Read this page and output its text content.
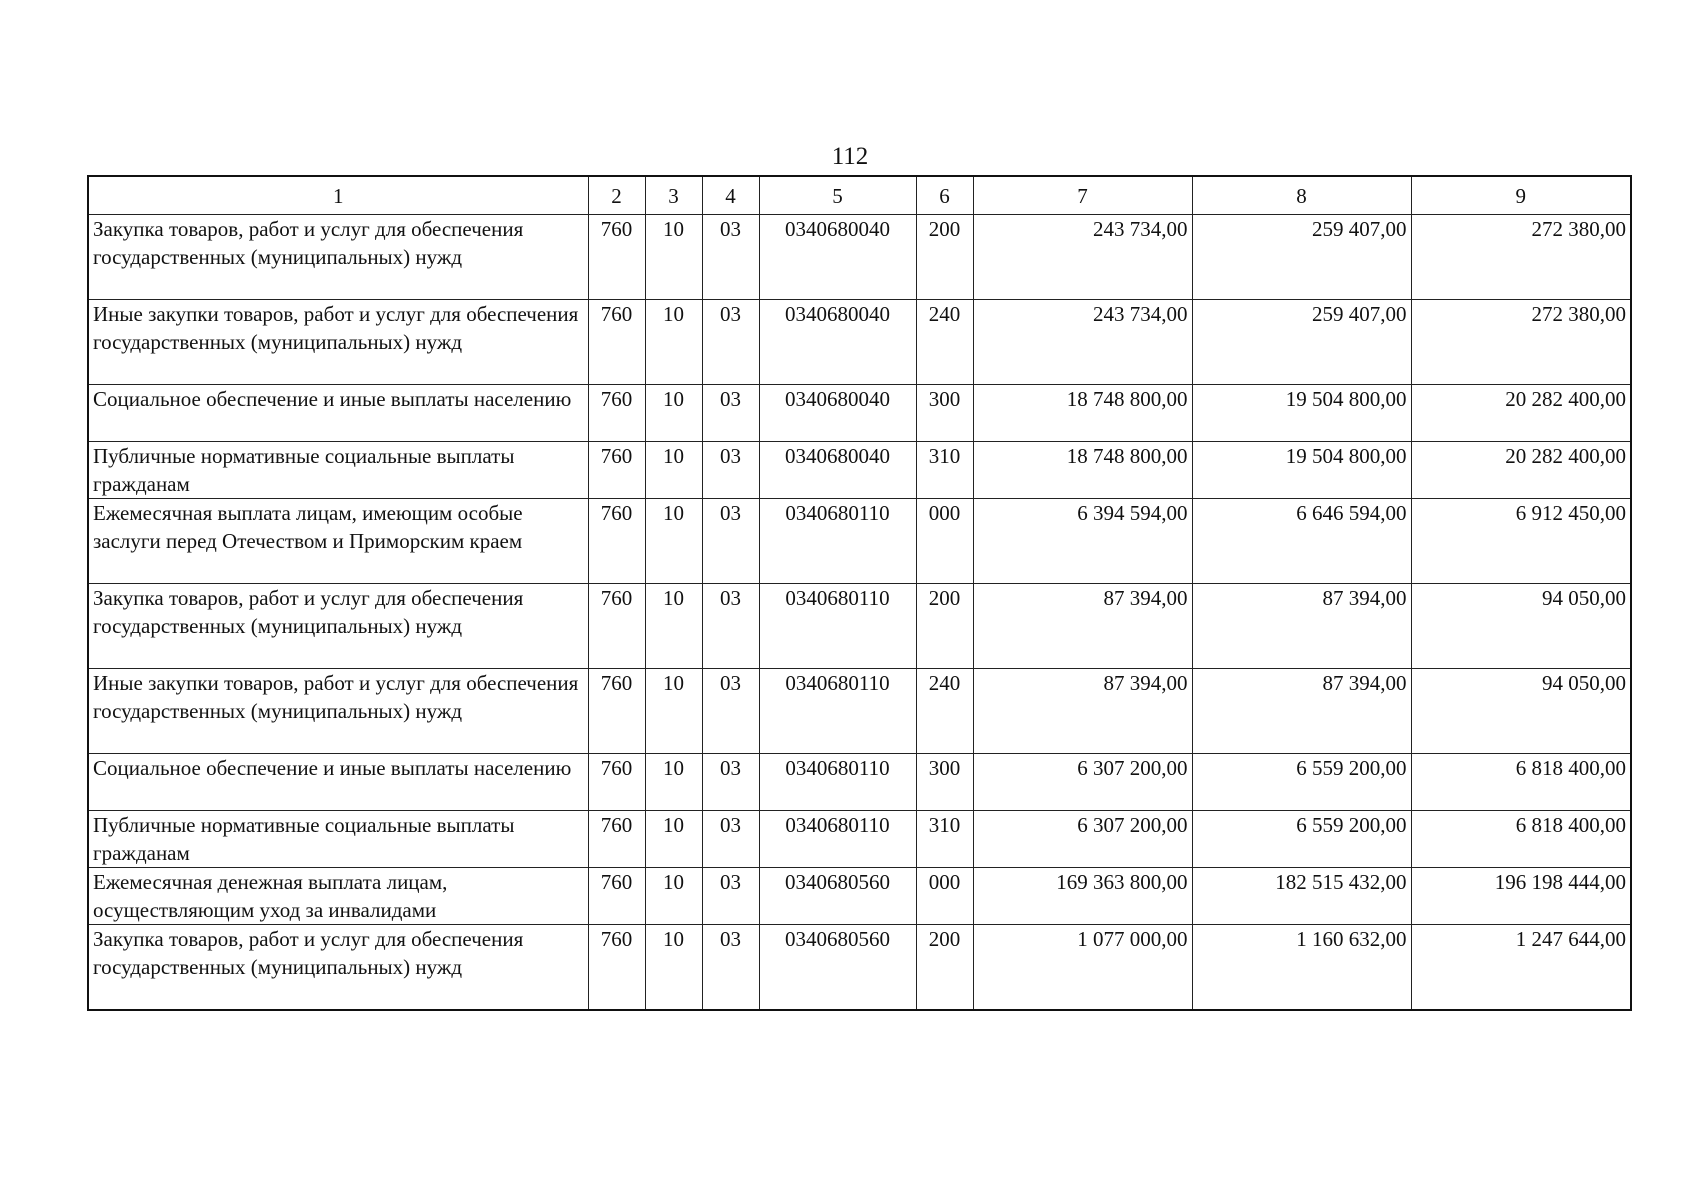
112
1	2	3	4	5	6	7	8	9
Закупка товаров, работ и услуг для обеспечения государственных (муниципальных) нужд	760	10	03	0340680040	200	243 734,00	259 407,00	272 380,00
Иные закупки товаров, работ и услуг для обеспечения государственных (муниципальных) нужд	760	10	03	0340680040	240	243 734,00	259 407,00	272 380,00
Социальное обеспечение и иные выплаты населению	760	10	03	0340680040	300	18 748 800,00	19 504 800,00	20 282 400,00
Публичные нормативные социальные выплаты гражданам	760	10	03	0340680040	310	18 748 800,00	19 504 800,00	20 282 400,00
Ежемесячная выплата лицам, имеющим особые заслуги перед Отечеством и Приморским краем	760	10	03	0340680110	000	6 394 594,00	6 646 594,00	6 912 450,00
Закупка товаров, работ и услуг для обеспечения государственных (муниципальных) нужд	760	10	03	0340680110	200	87 394,00	87 394,00	94 050,00
Иные закупки товаров, работ и услуг для обеспечения государственных (муниципальных) нужд	760	10	03	0340680110	240	87 394,00	87 394,00	94 050,00
Социальное обеспечение и иные выплаты населению	760	10	03	0340680110	300	6 307 200,00	6 559 200,00	6 818 400,00
Публичные нормативные социальные выплаты гражданам	760	10	03	0340680110	310	6 307 200,00	6 559 200,00	6 818 400,00
Ежемесячная денежная выплата лицам, осуществляющим уход за инвалидами	760	10	03	0340680560	000	169 363 800,00	182 515 432,00	196 198 444,00
Закупка товаров, работ и услуг для обеспечения государственных (муниципальных) нужд	760	10	03	0340680560	200	1 077 000,00	1 160 632,00	1 247 644,00
